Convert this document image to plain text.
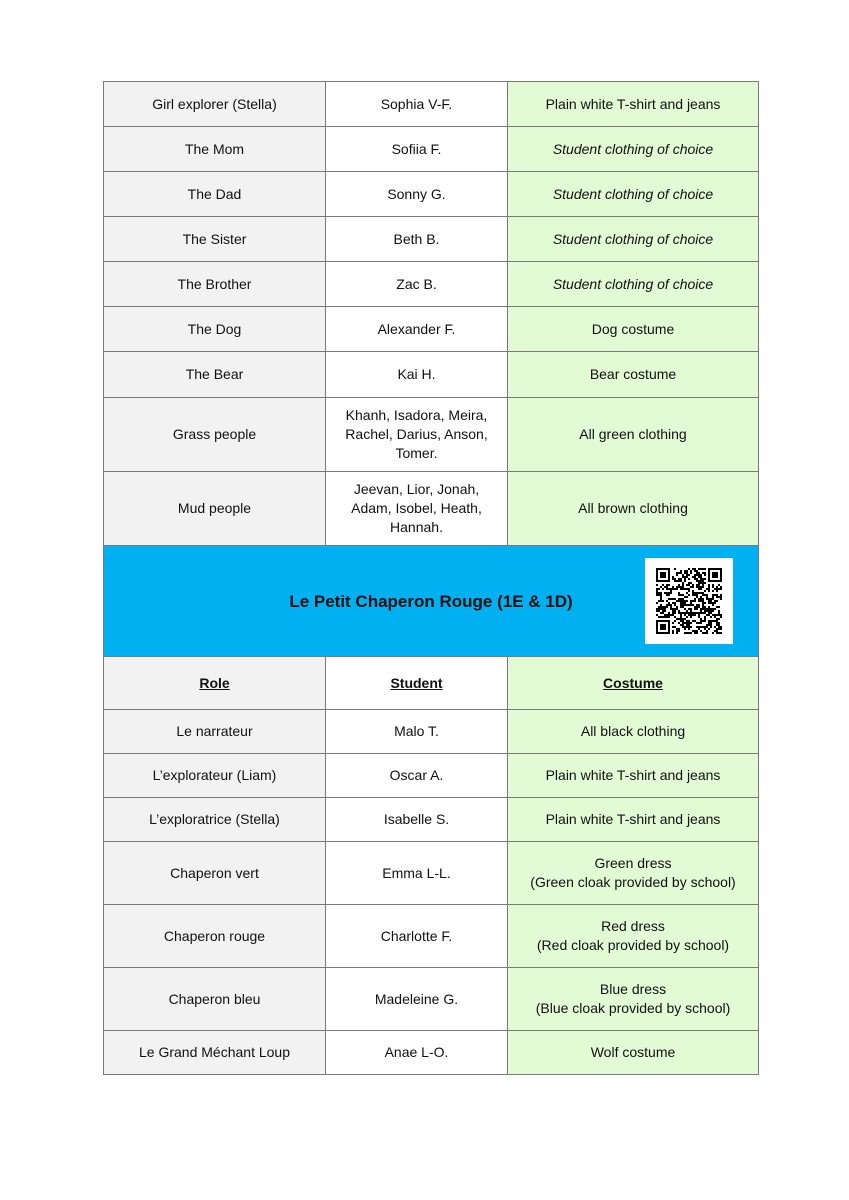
Girl explorer (Stella)	Sophia V-F.	Plain white T-shirt and jeans
The Mom	Sofiia F.	Student clothing of choice
The Dad	Sonny G.	Student clothing of choice
The Sister	Beth B.	Student clothing of choice
The Brother	Zac B.	Student clothing of choice
The Dog	Alexander F.	Dog costume
The Bear	Kai H.	Bear costume
Grass people	Khanh, Isadora, Meira, Rachel, Darius, Anson, Tomer.	All green clothing
Mud people	Jeevan, Lior, Jonah, Adam, Isobel, Heath, Hannah.	All brown clothing
Le Petit Chaperon Rouge (1E & 1D)
Role	Student	Costume
Le narrateur	Malo T.	All black clothing

L’explorateur (Liam)	Oscar A.	Plain white T-shirt and jeans

L’exploratrice (Stella)	Isabelle S.	Plain white T-shirt and jeans

Chaperon vert	Emma L-L.	Green dress
(Green cloak provided by school)

Chaperon rouge	Charlotte F.	Red dress
(Red cloak provided by school)

Chaperon bleu	Madeleine G.	Blue dress
(Blue cloak provided by school)

Le Grand Méchant Loup	Anae L-O.	Wolf costume
